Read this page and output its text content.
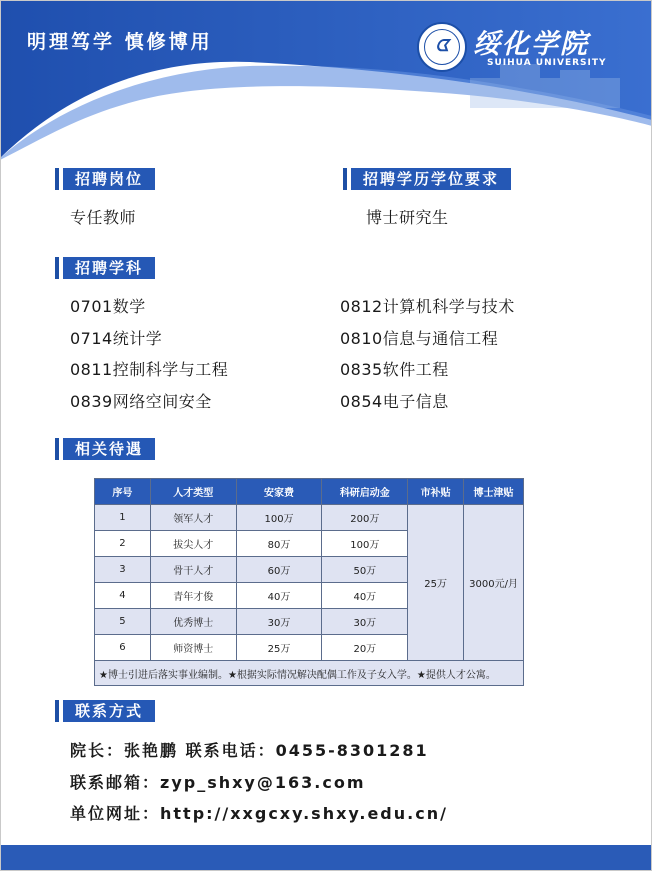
明理笃学 慎修博用	ᗧ 绥化学院
SUIHUA UNIVERSITY
招聘岗位
专任教师
招聘学历学位要求
博士研究生
招聘学科
0701数学	0812计算机科学与技术
0714统计学	0810信息与通信工程
0811控制科学与工程	0835软件工程
0839网络空间安全	0854电子信息
相关待遇
序号	人才类型	安家费	科研启动金	市补贴	博士津贴
1	领军人才	100万	200万	25万	3000元/月
2	拔尖人才	80万	100万		
3	骨干人才	60万	50万		
4	青年才俊	40万	40万		
5	优秀博士	30万	30万		
6	师资博士	25万	20万		
★博士引进后落实事业编制。★根据实际情况解决配偶工作及子女入学。★提供人才公寓。					
联系方式
院长：张艳鹏 联系电话：0455-8301281
联系邮箱：zyp_shxy@163.com
单位网址：http://xxgcxy.shxy.edu.cn/
